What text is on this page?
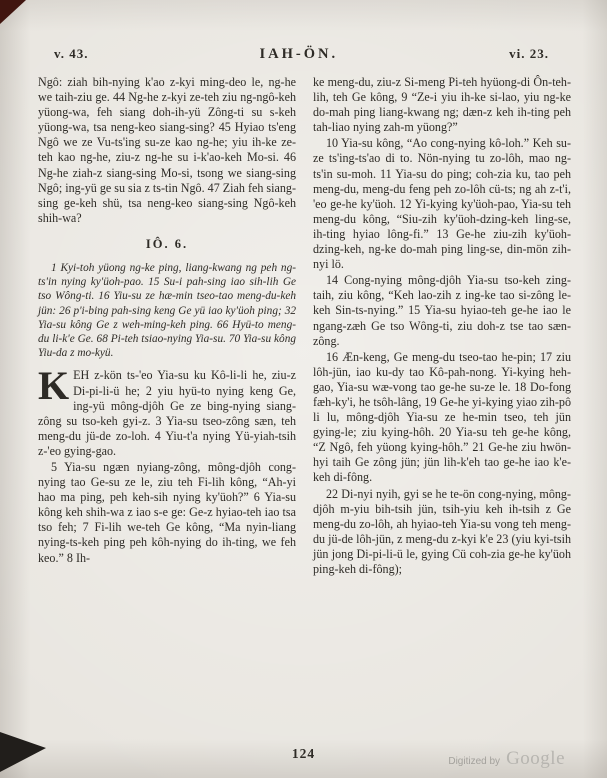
v. 43.	IAH-ÖN.	vi. 23.

Ngô: ziah bih-nying k'ao z-kyi ming-deo le, ng-he we taih-ziu ge. 44 Ng-he z-kyi ze-teh ziu ng-ngô-keh yüong-wa, feh siang doh-ih-yü Zông-ti su s-keh yüong-wa, tsa neng-keo siang-sing? 45 Hyiao ts'eng Ngô we ze Vu-ts'ing su-ze kao ng-he; yiu ih-ke ze-teh kao ng-he, ziu-z ng-he su i-k'ao-keh Mo-si. 46 Ng-he ziah-z siang-sing Mo-si, tsong we siang-sing Ngô; ing-yü ge su sia z ts-tin Ngô. 47 Ziah feh siang-sing ge-keh shü, tsa neng-keo siang-sing Ngô-keh shih-wa?

IÔ. 6.

1 Kyi-toh yüong ng-ke ping, liang-kwang ng peh ng-ts'in nying ky'üoh-pao. 15 Su-i pah-sing iao sih-lih Ge tso Wông-ti. 16 Yiu-su ze hæ-min tseo-tao meng-du-keh jün: 26 p'i-bing pah-sing keng Ge yü iao ky'üoh ping; 32 Yia-su kông Ge z weh-ming-keh ping. 66 Hyü-to meng-du li-k'e Ge. 68 Pi-teh tsiao-nying Yia-su. 70 Yia-su kông Yiu-da z mo-kyü.

KEH z-kön ts-'eo Yia-su ku Kô-li-li he, ziu-z Di-pi-li-ü he; 2 yiu hyü-to nying keng Ge, ing-yü mông-djôh Ge ze bing-nying siang-zông su tso-keh gyi-z. 3 Yia-su tseo-zông sæn, teh meng-du jü-de zo-loh. 4 Yiu-t'a nying Yü-yiah-tsih z-'eo gying-gao.

5 Yia-su ngæn nyiang-zông, mông-djôh cong-nying tao Ge-su ze le, ziu teh Fi-lih kông, “Ah-yi hao ma ping, peh keh-sih nying ky'üoh?” 6 Yia-su kông keh shih-wa z iao s-e ge: Ge-z hyiao-teh iao tsa tso feh; 7 Fi-lih we-teh Ge kông, “Ma nyin-liang nying-ts-keh ping peh kôh-nying do ih-ting, we feh keo.” 8 Ih-

ke meng-du, ziu-z Si-meng Pi-teh hyüong-di Ôn-teh-lih, teh Ge kông, 9 “Ze-i yiu ih-ke si-lao, yiu ng-ke do-mah ping liang-kwang ng; dæn-z keh ih-ting peh tah-liao nying zah-m yüong?”

10 Yia-su kông, “Ao cong-nying kô-loh.” Keh su-ze ts'ing-ts'ao di to. Nön-nying tu zo-lôh, mao ng-ts'in su-moh. 11 Yia-su do ping; coh-zia ku, tao peh meng-du, meng-du feng peh zo-lôh cü-ts; ng ah z-t'i, 'eo ge-he ky'üoh. 12 Yi-kying ky'üoh-pao, Yia-su teh meng-du kông, “Siu-zih ky'üoh-dzing-keh ling-se, ih-ting hyiao lông-fi.” 13 Ge-he ziu-zih ky'üoh-dzing-keh, ng-ke do-mah ping ling-se, din-mön zih-nyi lö.

14 Cong-nying mông-djôh Yia-su tso-keh zing-taih, ziu kông, “Keh lao-zih z ing-ke tao si-zông le-keh Sin-ts-nying.” 15 Yia-su hyiao-teh ge-he iao le ngang-zæh Ge tso Wông-ti, ziu doh-z tse tao sæn-zông.

16 Æn-keng, Ge meng-du tseo-tao he-pin; 17 ziu lôh-jün, iao ku-dy tao Kô-pah-nong. Yi-kying heh-gao, Yia-su wæ-vong tao ge-he su-ze le. 18 Do-fong fæh-ky'i, he tsôh-lâng, 19 Ge-he yi-kying yiao zih-pô li lu, mông-djôh Yia-su ze he-min tseo, teh jün gying-le; ziu kying-hôh. 20 Yia-su teh ge-he kông, “Z Ngô, feh yüong kying-hôh.” 21 Ge-he ziu hwön-hyi taih Ge zông jün; jün lih-k'eh tao ge-he iao k'e-keh di-fông.

22 Di-nyi nyih, gyi se he te-ön cong-nying, mông-djôh m-yiu bih-tsih jün, tsih-yiu keh ih-tsih z Ge meng-du zo-lôh, ah hyiao-teh Yia-su vong teh meng-du jü-de lôh-jün, z meng-du z-kyi k'e 23 (yiu kyi-tsih jün jong Di-pi-li-ü le, gying Cü coh-zia ge-he ky'üoh ping-keh di-fông);

124
Digitized by Google
